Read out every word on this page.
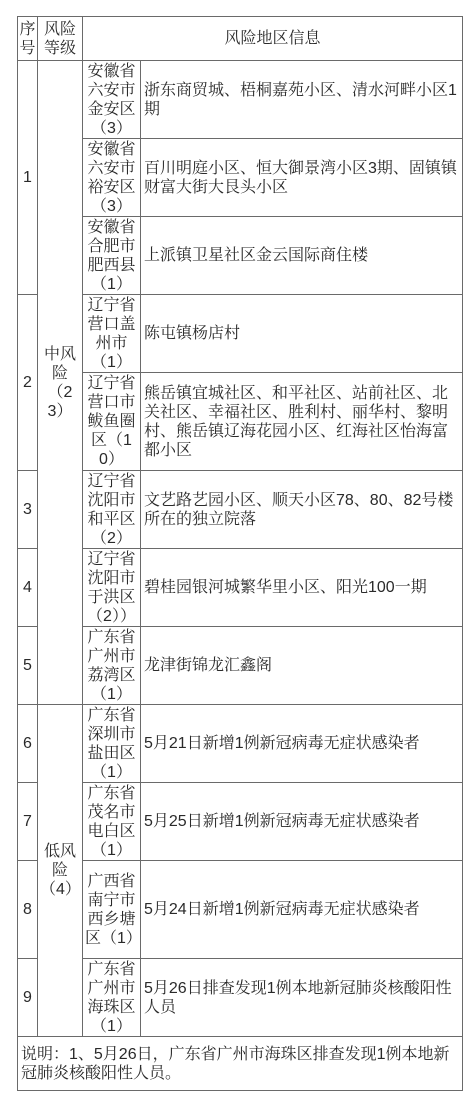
序号	风险等级	风险地区信息	
1	中风险（23）	安徽省六安市金安区（3）	浙东商贸城、梧桐嘉苑小区、清水河畔小区1期
		安徽省六安市裕安区（3）	百川明庭小区、恒大御景湾小区3期、固镇镇财富大街大艮头小区
		安徽省合肥市肥西县（1）	上派镇卫星社区金云国际商住楼
2		辽宁省营口盖州市（1）	陈屯镇杨店村
		辽宁省营口市鲅鱼圈区（10）	熊岳镇宜城社区、和平社区、站前社区、北关社区、幸福社区、胜利村、丽华村、黎明村、熊岳镇辽海花园小区、红海社区怡海富都小区
3		辽宁省沈阳市和平区（2）	文艺路艺园小区、顺天小区78、80、82号楼所在的独立院落
4		辽宁省沈阳市于洪区（2））	碧桂园银河城繁华里小区、阳光100一期
5		广东省广州市荔湾区（1）	龙津街锦龙汇鑫阁
6	低风险（4）	广东省深圳市盐田区（1）	5月21日新增1例新冠病毒无症状感染者
7		广东省茂名市电白区（1）	5月25日新增1例新冠病毒无症状感染者
8		广西省南宁市西乡塘区（1）	5月24日新增1例新冠病毒无症状感染者
9		广东省广州市海珠区（1）	5月26日排查发现1例本地新冠肺炎核酸阳性人员
说明：1、5月26日，广东省广州市海珠区排查发现1例本地新冠肺炎核酸阳性人员。			
